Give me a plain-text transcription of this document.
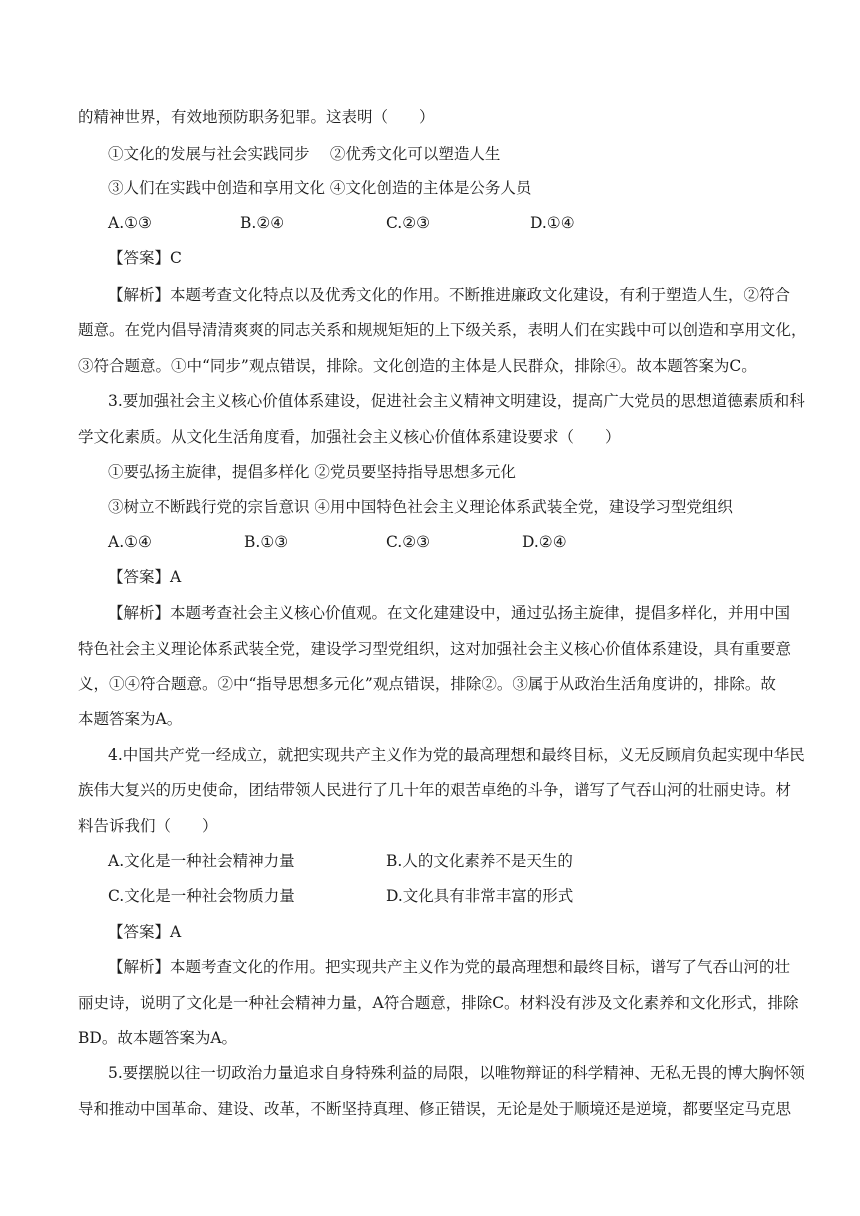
的精神世界，有效地预防职务犯罪。这表明（　　）
①文化的发展与社会实践同步　 ②优秀文化可以塑造人生
③人们在实践中创造和享用文化 ④文化创造的主体是公务人员
A.①③	B.②④	C.②③	D.①④
【答案】C
【解析】本题考查文化特点以及优秀文化的作用。不断推进廉政文化建设，有利于塑造人生，②符合
题意。在党内倡导清清爽爽的同志关系和规规矩矩的上下级关系，表明人们在实践中可以创造和享用文化，
③符合题意。①中“同步”观点错误，排除。文化创造的主体是人民群众，排除④。故本题答案为C。
3.要加强社会主义核心价值体系建设，促进社会主义精神文明建设，提高广大党员的思想道德素质和科
学文化素质。从文化生活角度看，加强社会主义核心价值体系建设要求（　　）
①要弘扬主旋律，提倡多样化 ②党员要坚持指导思想多元化
③树立不断践行党的宗旨意识 ④用中国特色社会主义理论体系武装全党，建设学习型党组织
A.①④	B.①③	C.②③	D.②④
【答案】A
【解析】本题考查社会主义核心价值观。在文化建建设中，通过弘扬主旋律，提倡多样化，并用中国
特色社会主义理论体系武装全党，建设学习型党组织，这对加强社会主义核心价值体系建设，具有重要意
义，①④符合题意。②中“指导思想多元化”观点错误，排除②。③属于从政治生活角度讲的，排除。故
本题答案为A。
4.中国共产党一经成立，就把实现共产主义作为党的最高理想和最终目标，义无反顾肩负起实现中华民
族伟大复兴的历史使命，团结带领人民进行了几十年的艰苦卓绝的斗争，谱写了气吞山河的壮丽史诗。材
料告诉我们（　　）
A.文化是一种社会精神力量	B.人的文化素养不是天生的
C.文化是一种社会物质力量	D.文化具有非常丰富的形式
【答案】A
【解析】本题考查文化的作用。把实现共产主义作为党的最高理想和最终目标，谱写了气吞山河的壮
丽史诗，说明了文化是一种社会精神力量，A符合题意，排除C。材料没有涉及文化素养和文化形式，排除
BD。故本题答案为A。
5.要摆脱以往一切政治力量追求自身特殊利益的局限，以唯物辩证的科学精神、无私无畏的博大胸怀领
导和推动中国革命、建设、改革，不断坚持真理、修正错误，无论是处于顺境还是逆境，都要坚定马克思
